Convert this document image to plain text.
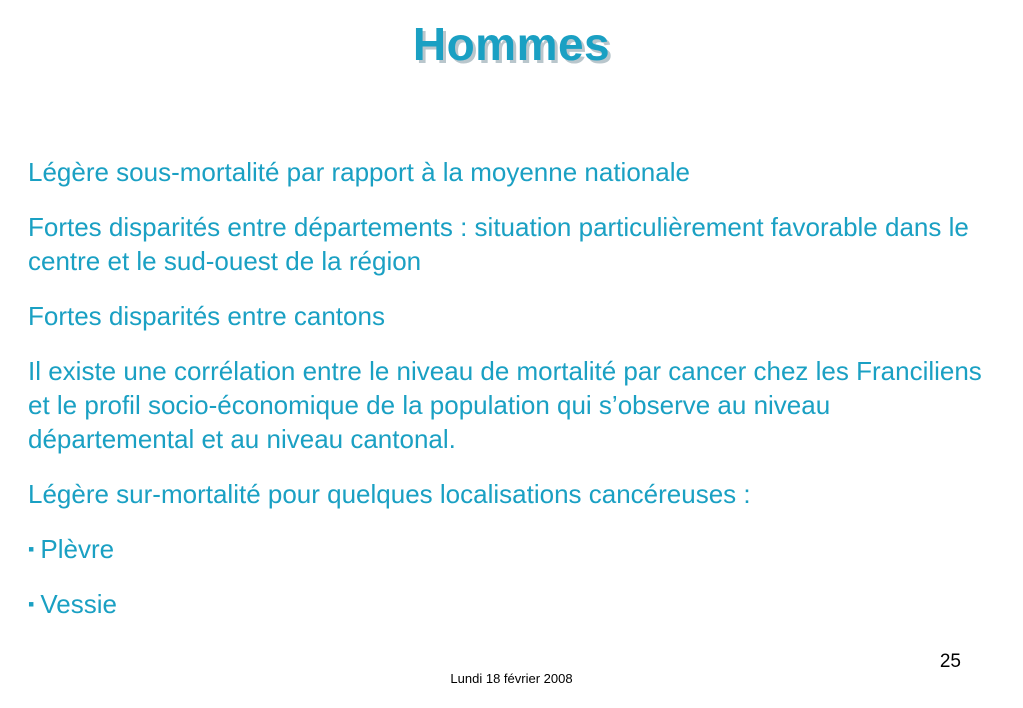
Hommes

Légère sous-mortalité par rapport à la moyenne nationale

Fortes disparités entre départements : situation particulièrement favorable dans le centre et le sud-ouest de la région

Fortes disparités entre cantons

Il existe une corrélation entre le niveau de mortalité par cancer chez les Franciliens et le profil socio-économique de la population qui s’observe au niveau départemental et au niveau cantonal.

Légère sur-mortalité pour quelques localisations cancéreuses :

▪ Plèvre
▪ Vessie
25
Lundi 18 février 2008
